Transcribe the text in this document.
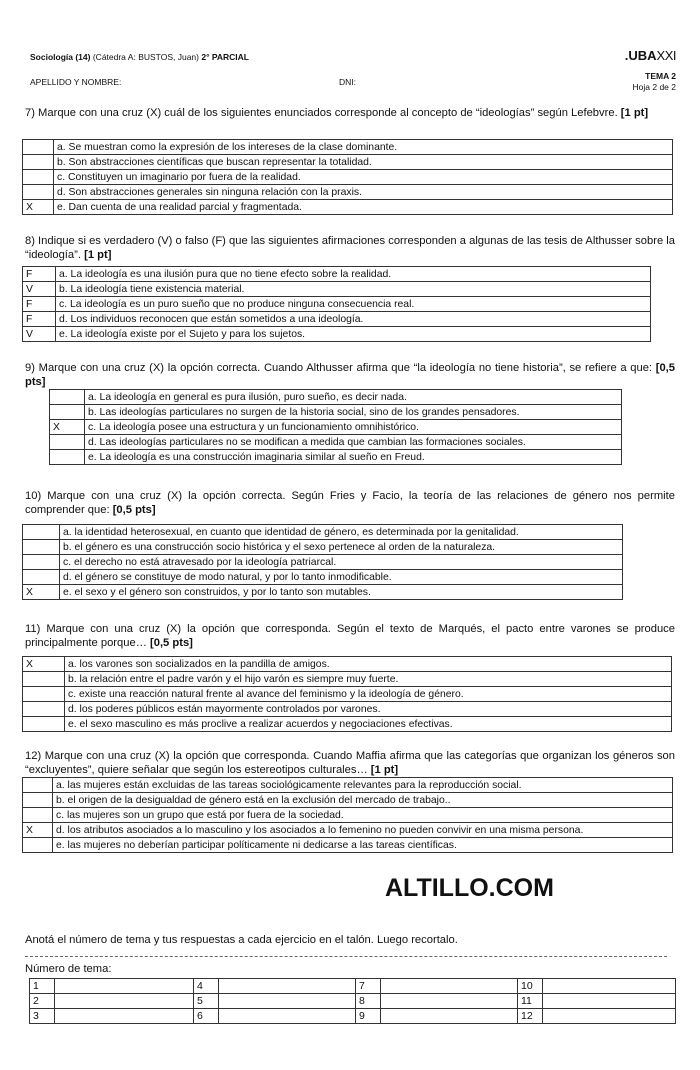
Sociología (14) (Cátedra A: BUSTOS, Juan) 2° PARCIAL	.UBAXXI
APELLIDO Y NOMBRE:	DNI:
TEMA 2
Hoja 2 de 2
7) Marque con una cruz (X) cuál de los siguientes enunciados corresponde al concepto de “ideologías” según Lefebvre. [1 pt]
	a. Se muestran como la expresión de los intereses de la clase dominante.
	b. Son abstracciones científicas que buscan representar la totalidad.
	c. Constituyen un imaginario por fuera de la realidad.
	d. Son abstracciones generales sin ninguna relación con la praxis.
X	e. Dan cuenta de una realidad parcial y fragmentada.
8) Indique si es verdadero (V) o falso (F) que las siguientes afirmaciones corresponden a algunas de las tesis de Althusser sobre la “ideología”. [1 pt]
F	a. La ideología es una ilusión pura que no tiene efecto sobre la realidad.
V	b. La ideología tiene existencia material.
F	c. La ideología es un puro sueño que no produce ninguna consecuencia real.
F	d. Los individuos reconocen que están sometidos a una ideología.
V	e. La ideología existe por el Sujeto y para los sujetos.
9) Marque con una cruz (X) la opción correcta. Cuando Althusser afirma que “la ideología no tiene historia”, se refiere a que: [0,5 pts]
	a. La ideología en general es pura ilusión, puro sueño, es decir nada.
	b. Las ideologías particulares no surgen de la historia social, sino de los grandes pensadores.
X	c. La ideología posee una estructura y un funcionamiento omnihistórico.
	d. Las ideologías particulares no se modifican a medida que cambian las formaciones sociales.
	e. La ideología es una construcción imaginaria similar al sueño en Freud.
10) Marque con una cruz (X) la opción correcta. Según Fries y Facio, la teoría de las relaciones de género nos permite comprender que: [0,5 pts]
	a. la identidad heterosexual, en cuanto que identidad de género, es determinada por la genitalidad.
	b. el género es una construcción socio histórica y el sexo pertenece al orden de la naturaleza.
	c. el derecho no está atravesado por la ideología patriarcal.
	d. el género se constituye de modo natural, y por lo tanto inmodificable.
X	e. el sexo y el género son construidos, y por lo tanto son mutables.
11) Marque con una cruz (X) la opción que corresponda. Según el texto de Marqués, el pacto entre varones se produce principalmente porque… [0,5 pts]
X	a. los varones son socializados en la pandilla de amigos.
	b. la relación entre el padre varón y el hijo varón es siempre muy fuerte.
	c. existe una reacción natural frente al avance del feminismo y la ideología de género.
	d. los poderes públicos están mayormente controlados por varones.
	e. el sexo masculino es más proclive a realizar acuerdos y negociaciones efectivas.
12) Marque con una cruz (X) la opción que corresponda. Cuando Maffia afirma que las categorías que organizan los géneros son “excluyentes”, quiere señalar que según los estereotipos culturales… [1 pt]
	a. las mujeres están excluidas de las tareas sociológicamente relevantes para la reproducción social.
	b. el origen de la desigualdad de género está en la exclusión del mercado de trabajo..
	c. las mujeres son un grupo que está por fuera de la sociedad.
X	d. los atributos asociados a lo masculino y los asociados a lo femenino no pueden convivir en una misma persona.
	e. las mujeres no deberían participar políticamente ni dedicarse a las tareas científicas.
ALTILLO.COM
Anotá el número de tema y tus respuestas a cada ejercicio en el talón. Luego recortalo.
Número de tema:
1		4		7		10	
2		5		8		11	
3		6		9		12	
